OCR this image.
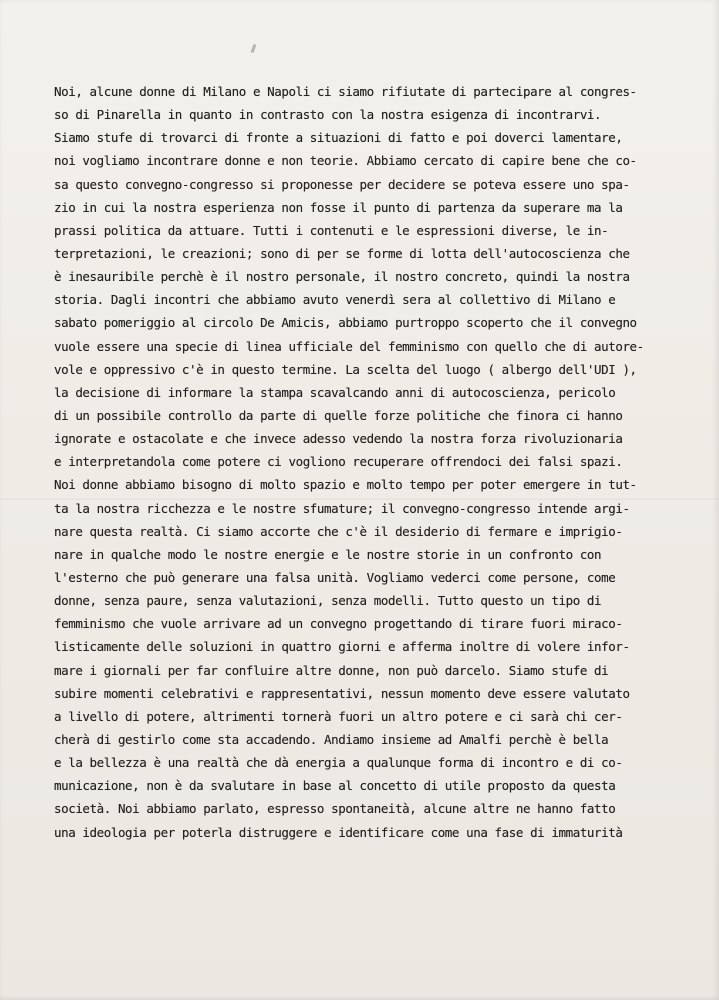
Noi, alcune donne di Milano e Napoli ci siamo rifiutate di partecipare al congres-
so di Pinarella in quanto in contrasto con la nostra esigenza di incontrarvi.
Siamo stufe di trovarci di fronte a situazioni di fatto e poi doverci lamentare,
noi vogliamo incontrare donne e non teorie. Abbiamo cercato di capire bene che co-
sa questo convegno-congresso si proponesse per decidere se poteva essere uno spa-
zio in cui la nostra esperienza non fosse il punto di partenza da superare ma la
prassi politica da attuare. Tutti i contenuti e le espressioni diverse, le in-
terpretazioni, le creazioni; sono di per se forme di lotta dell'autocoscienza che
è inesauribile perchè è il nostro personale, il nostro concreto, quindi la nostra
storia. Dagli incontri che abbiamo avuto venerdì sera al collettivo di Milano e
sabato pomeriggio al circolo De Amicis, abbiamo purtroppo scoperto che il convegno
vuole essere una specie di linea ufficiale del femminismo con quello che di autore-
vole e oppressivo c'è in questo termine. La scelta del luogo ( albergo dell'UDI ),
la decisione di informare la stampa scavalcando anni di autocoscienza, pericolo
di un possibile controllo da parte di quelle forze politiche che finora ci hanno
ignorate e ostacolate e che invece adesso vedendo la nostra forza rivoluzionaria
e interpretandola come potere ci vogliono recuperare offrendoci dei falsi spazi.
Noi donne abbiamo bisogno di molto spazio e molto tempo per poter emergere in tut-
ta la nostra ricchezza e le nostre sfumature; il convegno-congresso intende argi-
nare questa realtà. Ci siamo accorte che c'è il desiderio di fermare e imprigio-
nare in qualche modo le nostre energie e le nostre storie in un confronto con
l'esterno che può generare una falsa unità. Vogliamo vederci come persone, come
donne, senza paure, senza valutazioni, senza modelli. Tutto questo un tipo di
femminismo che vuole arrivare ad un convegno progettando di tirare fuori miraco-
listicamente delle soluzioni in quattro giorni e afferma inoltre di volere infor-
mare i giornali per far confluire altre donne, non può darcelo. Siamo stufe di
subire momenti celebrativi e rappresentativi, nessun momento deve essere valutato
a livello di potere, altrimenti tornerà fuori un altro potere e ci sarà chi cer-
cherà di gestirlo come sta accadendo. Andiamo insieme ad Amalfi perchè è bella
e la bellezza è una realtà che dà energia a qualunque forma di incontro e di co-
municazione, non è da svalutare in base al concetto di utile proposto da questa
società. Noi abbiamo parlato, espresso spontaneità, alcune altre ne hanno fatto
una ideologia per poterla distruggere e identificare come una fase di immaturità
